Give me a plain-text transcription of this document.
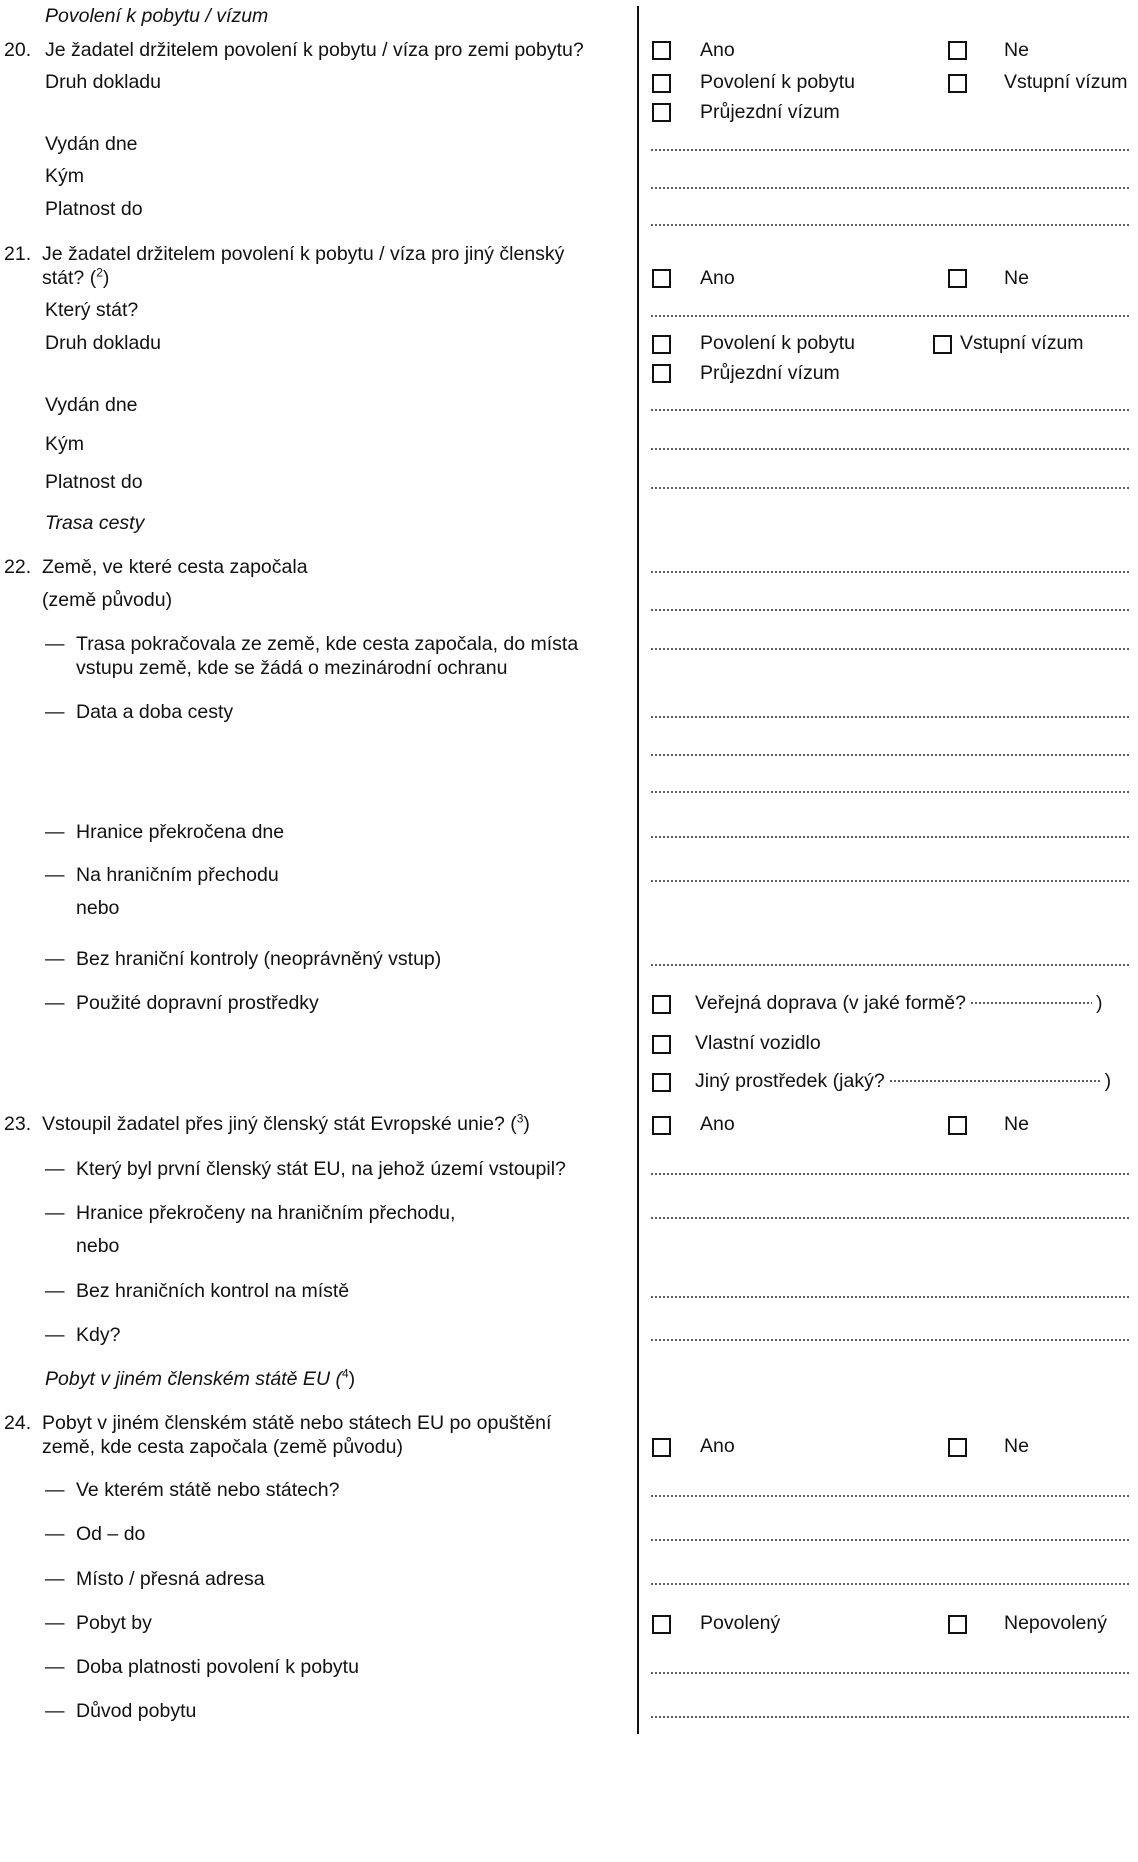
Povolení k pobytu / vízum
20. Je žadatel držitelem povolení k pobytu / víza pro zemi pobytu?	Ano	Ne
Druh dokladu	Povolení k pobytu	Vstupní vízum
Průjezdní vízum
Vydán dne
Kým
Platnost do
21. Je žadatel držitelem povolení k pobytu / víza pro jiný členský
stát? ($^2$)	Ano	Ne
Který stát?
Druh dokladu	Povolení k pobytu	Vstupní vízum
Průjezdní vízum
Vydán dne
Kým
Platnost do
Trasa cesty
22. Země, ve které cesta započala
(země původu)
— Trasa pokračovala ze země, kde cesta započala, do místa
vstupu země, kde se žádá o mezinárodní ochranu
— Data a doba cesty
— Hranice překročena dne
— Na hraničním přechodu
nebo
— Bez hraniční kontroly (neoprávněný vstup)
— Použité dopravní prostředky	Veřejná doprava (v jaké formě?	)
Vlastní vozidlo
Jiný prostředek (jaký?	)
23. Vstoupil žadatel přes jiný členský stát Evropské unie? ($^3$)	Ano	Ne
— Který byl první členský stát EU, na jehož území vstoupil?
— Hranice překročeny na hraničním přechodu,
nebo
— Bez hraničních kontrol na místě
— Kdy?
Pobyt v jiném členském státě EU ($^4$)
24. Pobyt v jiném členském státě nebo státech EU po opuštění
země, kde cesta započala (země původu)	Ano	Ne
— Ve kterém státě nebo státech?
— Od – do
— Místo / přesná adresa
— Pobyt by	Povolený	Nepovolený
— Doba platnosti povolení k pobytu
— Důvod pobytu
